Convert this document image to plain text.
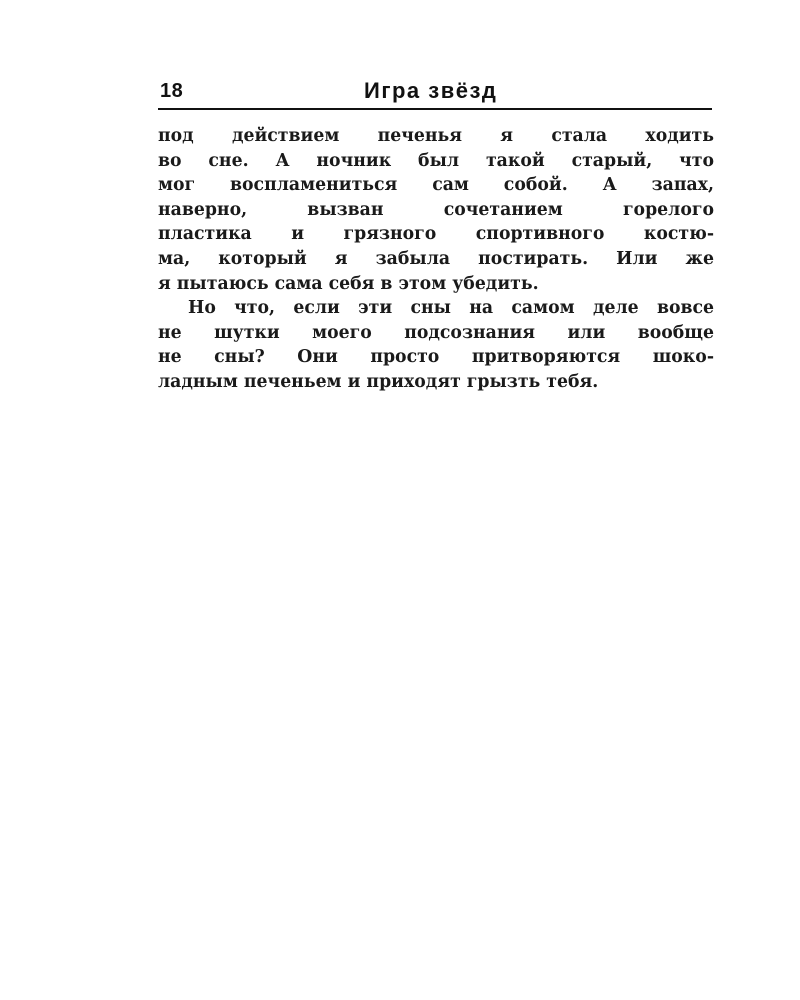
18	Игра звёзд
под действием печенья я стала ходить
во сне. А ночник был такой старый, что
мог воспламениться сам собой. А запах,
наверно, вызван сочетанием горелого
пластика и грязного спортивного костю-
ма, который я забыла постирать. Или же
я пытаюсь сама себя в этом убедить.
Но что, если эти сны на самом деле вовсе
не шутки моего подсознания или вообще
не сны? Они просто притворяются шоко-
ладным печеньем и приходят грызть тебя.
